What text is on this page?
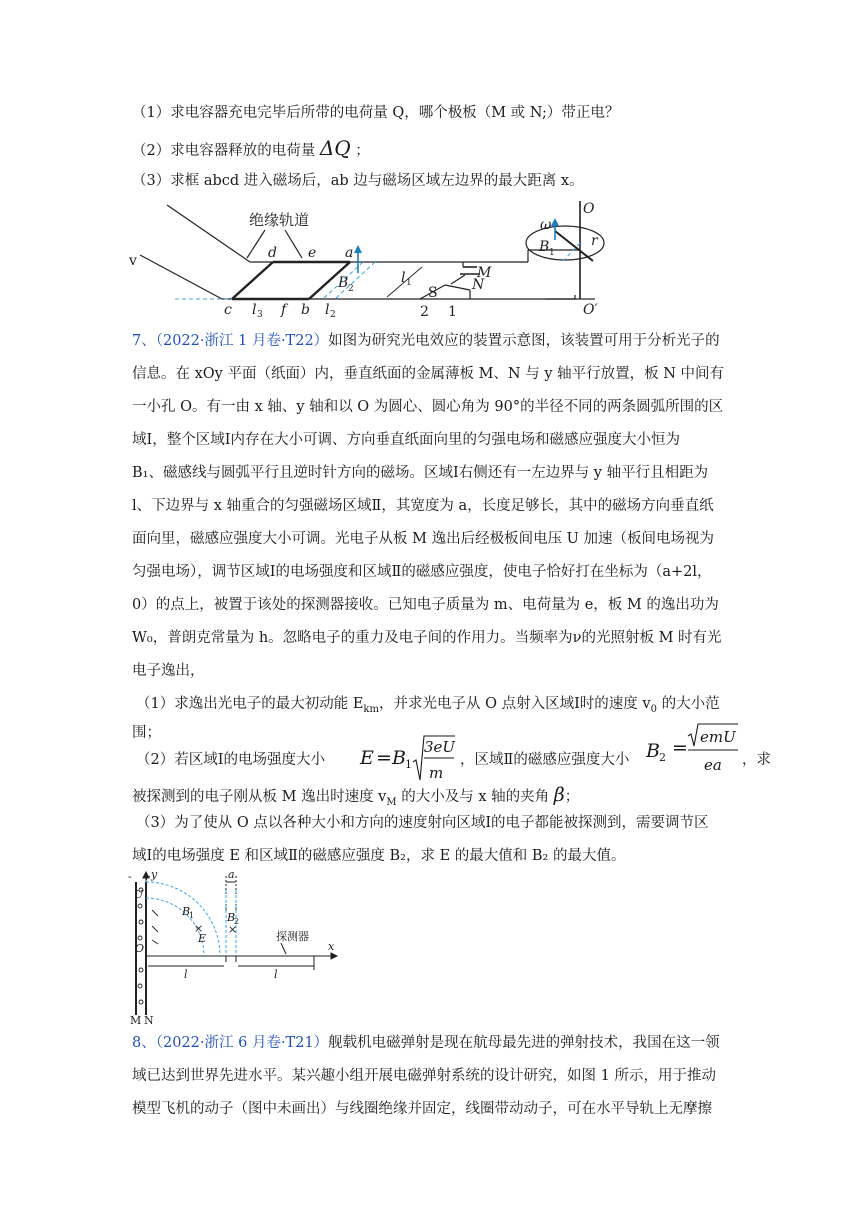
（1）求电容器充电完毕后所带的电荷量 Q，哪个极板（M 或 N;）带正电？
（2）求电容器释放的电荷量 ΔQ ；
（3）求框 abcd 进入磁场后，ab 边与磁场区域左边界的最大距离 x。
绝缘轨道
v	d e a
c	f b
l 3	l 2
l 1
B 2
B 1
S
M
N
2 1
O
O′
r
ω
7、（2022·浙江 1 月卷·T22）如图为研究光电效应的装置示意图，该装置可用于分析光子的
信息。在 xOy 平面（纸面）内，垂直纸面的金属薄板 M、N 与 y 轴平行放置，板 N 中间有
一小孔 O。有一由 x 轴、y 轴和以 O 为圆心、圆心角为 90°的半径不同的两条圆弧所围的区
域Ⅰ，整个区域Ⅰ内存在大小可调、方向垂直纸面向里的匀强电场和磁感应强度大小恒为
B₁、磁感线与圆弧平行且逆时针方向的磁场。区域Ⅰ右侧还有一左边界与 y 轴平行且相距为
l、下边界与 x 轴重合的匀强磁场区域Ⅱ，其宽度为 a，长度足够长，其中的磁场方向垂直纸
面向里，磁感应强度大小可调。光电子从板 M 逸出后经极板间电压 U 加速（板间电场视为
匀强电场），调节区域Ⅰ的电场强度和区域Ⅱ的磁感应强度，使电子恰好打在坐标为（a+2l，
0）的点上，被置于该处的探测器接收。已知电子质量为 m、电荷量为 e，板 M 的逸出功为
W₀，普朗克常量为 h。忽略电子的重力及电子间的作用力。当频率为ν的光照射板 M 时有光
电子逸出，
（1）求逸出光电子的最大初动能 $E_{km}$，并求光电子从 O 点射入区域Ⅰ时的速度 $v_0$ 的大小范
围；
（2）若区域Ⅰ的电场强度大小 E = B 1
3eU
m
，区域Ⅱ的磁感应强度大小 B 2 = emU
ea ，求
被探测到的电子刚从板 M 逸出时速度 $v_M$ 的大小及与 x 轴的夹角 β；
（3）为了使从 O 点以各种大小和方向的速度射向区域Ⅰ的电子都能被探测到，需要调节区
域Ⅰ的电场强度 E 和区域Ⅱ的磁感应强度 B₂，求 E 的最大值和 B₂ 的最大值。
- +
U
y	a
B
1	B
2
×
×
E
O
l	l
x
探测器
M N
8、（2022·浙江 6 月卷·T21）舰载机电磁弹射是现在航母最先进的弹射技术，我国在这一领
域已达到世界先进水平。某兴趣小组开展电磁弹射系统的设计研究，如图 1 所示，用于推动
模型飞机的动子（图中未画出）与线圈绝缘并固定，线圈带动动子，可在水平导轨上无摩擦
